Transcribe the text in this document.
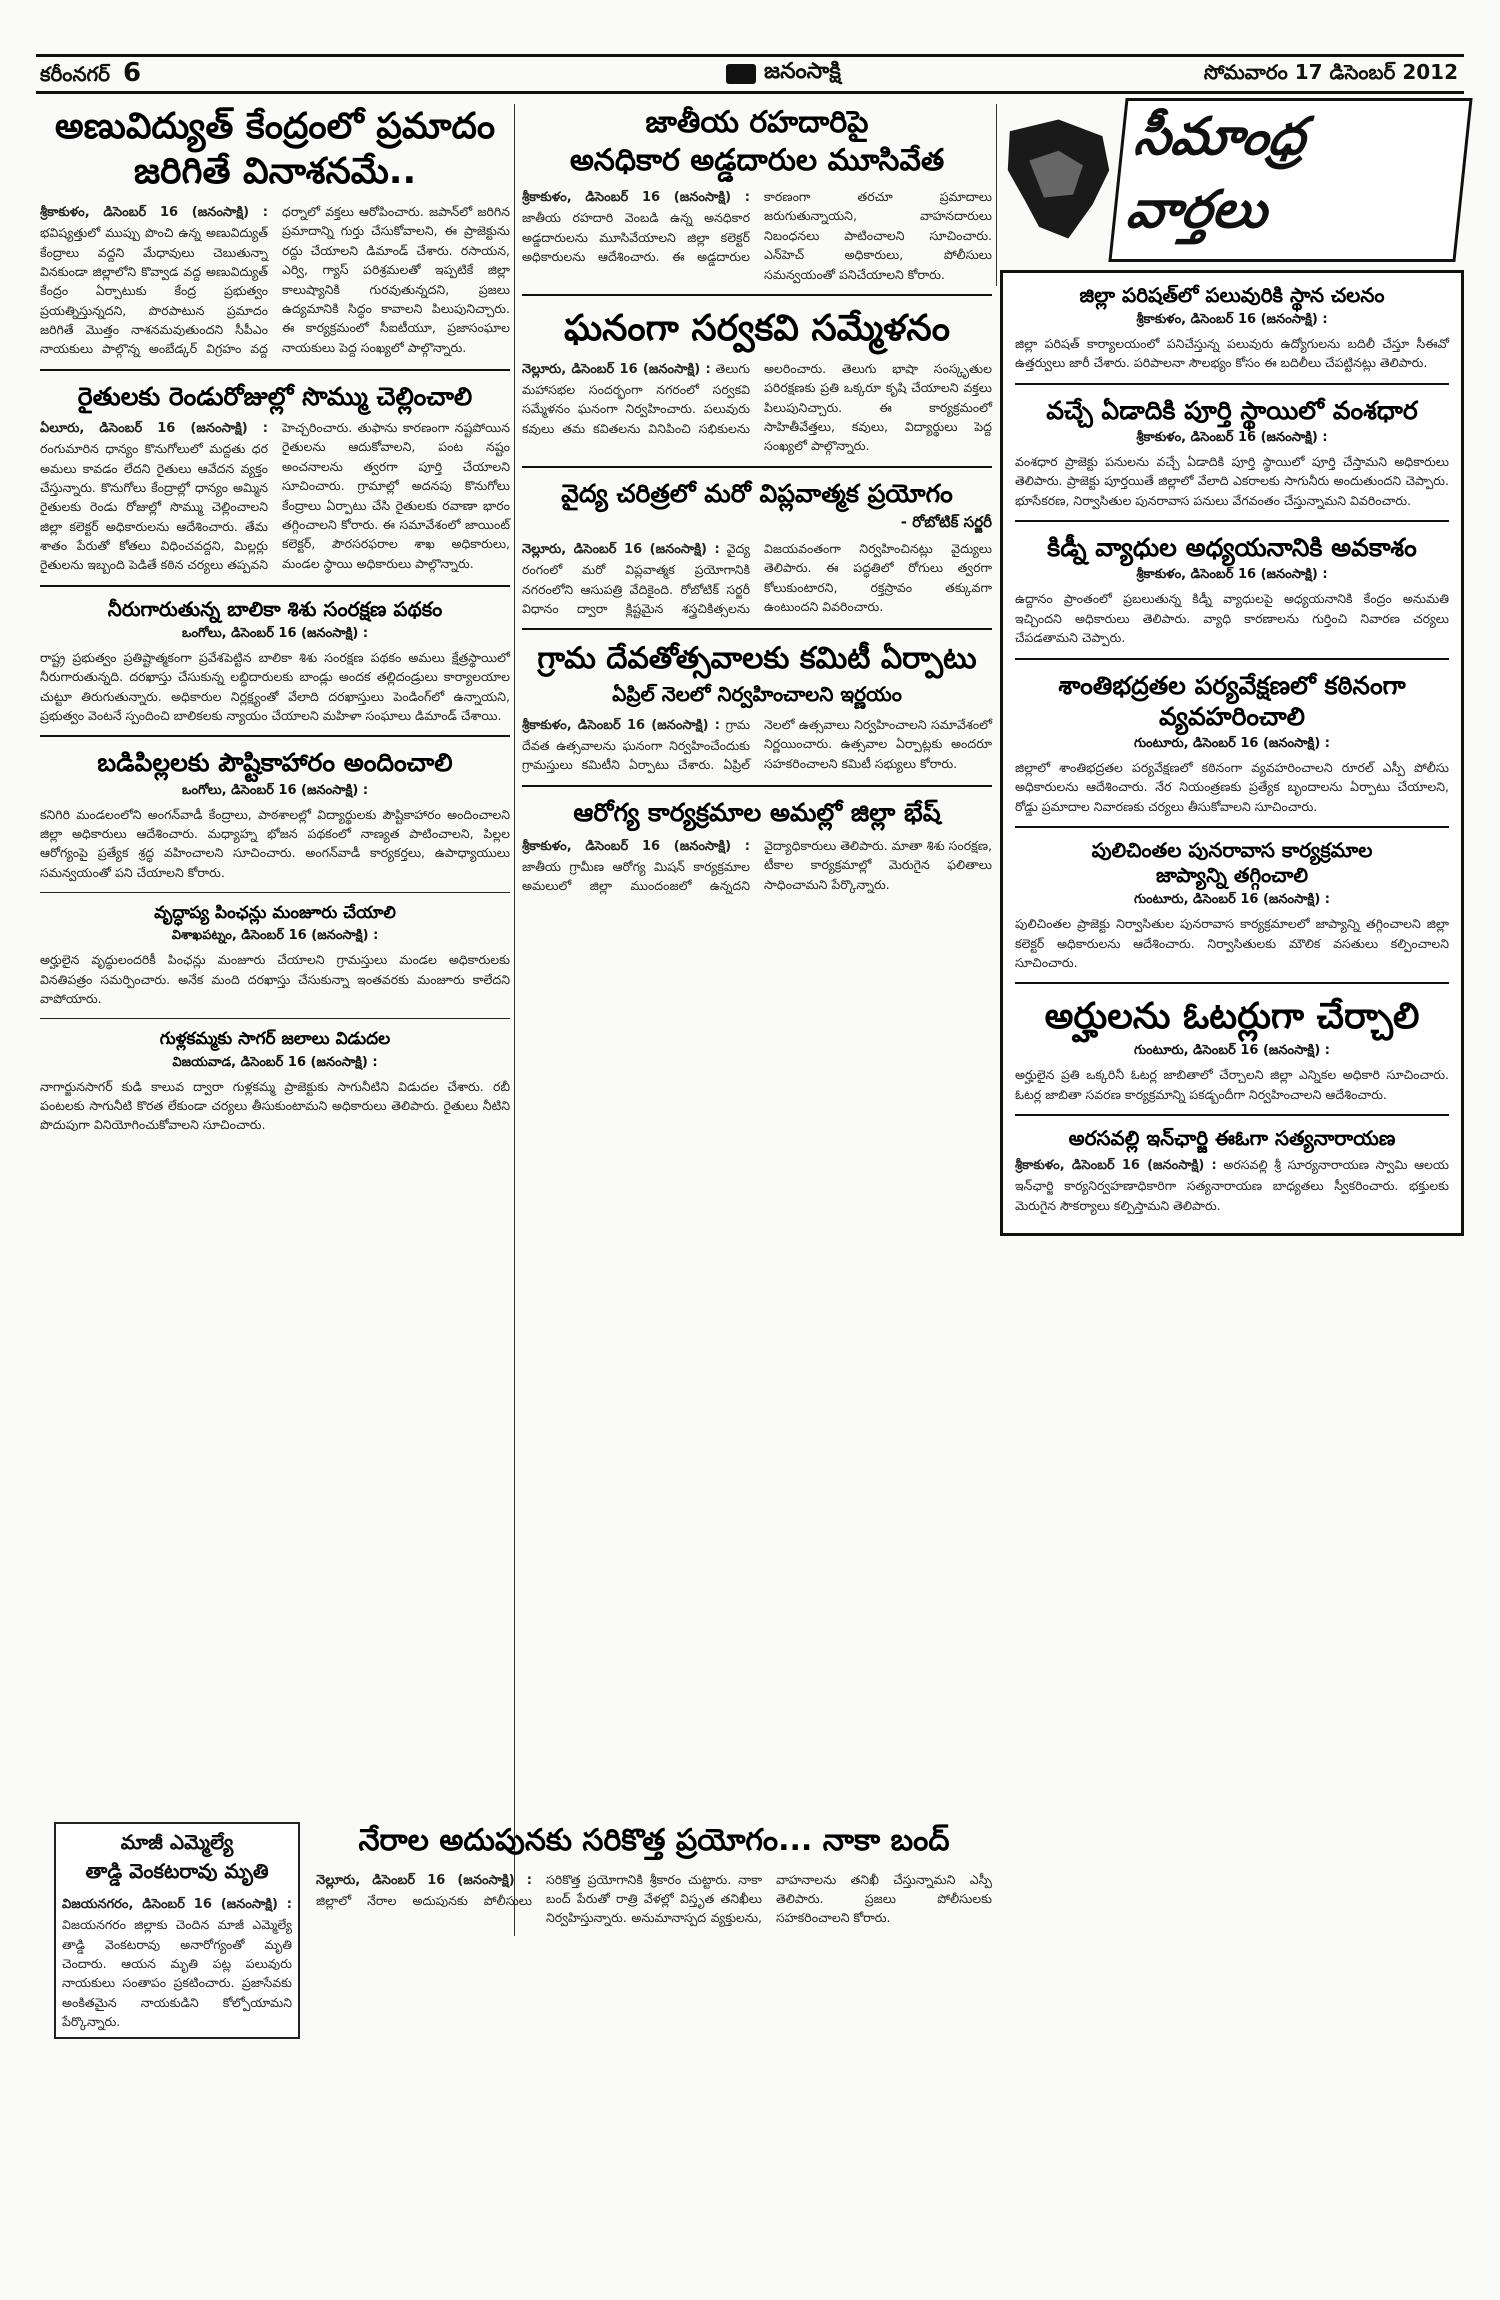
కరీంనగర్ 6	జనంసాక్షి	సోమవారం 17 డిసెంబర్ 2012
అణువిద్యుత్ కేంద్రంలో ప్రమాదం
జరిగితే వినాశనమే..
శ్రీకాకుళం, డిసెంబర్ 16 (జనంసాక్షి) : భవిష్యత్తులో ముప్పు పొంచి ఉన్న అణువిద్యుత్ కేంద్రాలు వద్దని మేధావులు చెబుతున్నా వినకుండా జిల్లాలోని కొవ్వాడ వద్ద అణువిద్యుత్ కేంద్రం ఏర్పాటుకు కేంద్ర ప్రభుత్వం ప్రయత్నిస్తున్నదని, పొరపాటున ప్రమాదం జరిగితే మొత్తం నాశనమవుతుందని సీపీఎం నాయకులు పాల్గొన్న అంబేడ్కర్ విగ్రహం వద్ద ధర్నాలో వక్తలు ఆరోపించారు. జపాన్‌లో జరిగిన ప్రమాదాన్ని గుర్తు చేసుకోవాలని, ఈ ప్రాజెక్టును రద్దు చేయాలని డిమాండ్ చేశారు. రసాయన, ఎర్వి, గ్యాస్ పరిశ్రమలతో ఇప్పటికే జిల్లా కాలుష్యానికి గురవుతున్నదని, ప్రజలు ఉద్యమానికి సిద్ధం కావాలని పిలుపునిచ్చారు. ఈ కార్యక్రమంలో సీఐటీయూ, ప్రజాసంఘాల నాయకులు పెద్ద సంఖ్యలో పాల్గొన్నారు.
రైతులకు రెండురోజుల్లో సొమ్ము చెల్లించాలి
ఏలూరు, డిసెంబర్ 16 (జనంసాక్షి) : రంగుమారిన ధాన్యం కొనుగోలులో మద్దతు ధర అమలు కావడం లేదని రైతులు ఆవేదన వ్యక్తం చేస్తున్నారు. కొనుగోలు కేంద్రాల్లో ధాన్యం అమ్మిన రైతులకు రెండు రోజుల్లో సొమ్ము చెల్లించాలని జిల్లా కలెక్టర్ అధికారులను ఆదేశించారు. తేమ శాతం పేరుతో కోతలు విధించవద్దని, మిల్లర్లు రైతులను ఇబ్బంది పెడితే కఠిన చర్యలు తప్పవని హెచ్చరించారు. తుఫాను కారణంగా నష్టపోయిన రైతులను ఆదుకోవాలని, పంట నష్టం అంచనాలను త్వరగా పూర్తి చేయాలని సూచించారు. గ్రామాల్లో అదనపు కొనుగోలు కేంద్రాలు ఏర్పాటు చేసి రైతులకు రవాణా భారం తగ్గించాలని కోరారు. ఈ సమావేశంలో జాయింట్ కలెక్టర్, పౌరసరఫరాల శాఖ అధికారులు, మండల స్థాయి అధికారులు పాల్గొన్నారు.
నీరుగారుతున్న బాలికా శిశు సంరక్షణ పథకం
ఒంగోలు, డిసెంబర్ 16 (జనంసాక్షి) :
రాష్ట్ర ప్రభుత్వం ప్రతిష్టాత్మకంగా ప్రవేశపెట్టిన బాలికా శిశు సంరక్షణ పథకం అమలు క్షేత్రస్థాయిలో నీరుగారుతున్నది. దరఖాస్తు చేసుకున్న లబ్ధిదారులకు బాండ్లు అందక తల్లిదండ్రులు కార్యాలయాల చుట్టూ తిరుగుతున్నారు. అధికారుల నిర్లక్ష్యంతో వేలాది దరఖాస్తులు పెండింగ్‌లో ఉన్నాయని, ప్రభుత్వం వెంటనే స్పందించి బాలికలకు న్యాయం చేయాలని మహిళా సంఘాలు డిమాండ్ చేశాయి.
బడిపిల్లలకు పౌష్టికాహారం అందించాలి
ఒంగోలు, డిసెంబర్ 16 (జనంసాక్షి) :
కనిగిరి మండలంలోని అంగన్‌వాడీ కేంద్రాలు, పాఠశాలల్లో విద్యార్థులకు పౌష్టికాహారం అందించాలని జిల్లా అధికారులు ఆదేశించారు. మధ్యాహ్న భోజన పథకంలో నాణ్యత పాటించాలని, పిల్లల ఆరోగ్యంపై ప్రత్యేక శ్రద్ధ వహించాలని సూచించారు. అంగన్‌వాడీ కార్యకర్తలు, ఉపాధ్యాయులు సమన్వయంతో పని చేయాలని కోరారు.
వృద్ధాప్య పింఛన్లు మంజూరు చేయాలి
విశాఖపట్నం, డిసెంబర్ 16 (జనంసాక్షి) :
అర్హులైన వృద్ధులందరికీ పింఛన్లు మంజూరు చేయాలని గ్రామస్తులు మండల అధికారులకు వినతిపత్రం సమర్పించారు. అనేక మంది దరఖాస్తు చేసుకున్నా ఇంతవరకు మంజూరు కాలేదని వాపోయారు.
గుళ్లకమ్మకు సాగర్ జలాలు విడుదల
విజయవాడ, డిసెంబర్ 16 (జనంసాక్షి) :
నాగార్జునసాగర్ కుడి కాలువ ద్వారా గుళ్లకమ్మ ప్రాజెక్టుకు సాగునీటిని విడుదల చేశారు. రబీ పంటలకు సాగునీటి కొరత లేకుండా చర్యలు తీసుకుంటామని అధికారులు తెలిపారు. రైతులు నీటిని పొదుపుగా వినియోగించుకోవాలని సూచించారు.
మాజీ ఎమ్మెల్యే
తాడ్డి వెంకటరావు మృతి
విజయనగరం, డిసెంబర్ 16 (జనంసాక్షి) : విజయనగరం జిల్లాకు చెందిన మాజీ ఎమ్మెల్యే తాడ్డి వెంకటరావు అనారోగ్యంతో మృతి చెందారు. ఆయన మృతి పట్ల పలువురు నాయకులు సంతాపం ప్రకటించారు. ప్రజాసేవకు అంకితమైన నాయకుడిని కోల్పోయామని పేర్కొన్నారు.
జాతీయ రహదారిపై
అనధికార అడ్డదారుల మూసివేత
శ్రీకాకుళం, డిసెంబర్ 16 (జనంసాక్షి) : జాతీయ రహదారి వెంబడి ఉన్న అనధికార అడ్డదారులను మూసివేయాలని జిల్లా కలెక్టర్ అధికారులను ఆదేశించారు. ఈ అడ్డదారుల కారణంగా తరచూ ప్రమాదాలు జరుగుతున్నాయని, వాహనదారులు నిబంధనలు పాటించాలని సూచించారు. ఎన్‌హెచ్ అధికారులు, పోలీసులు సమన్వయంతో పనిచేయాలని కోరారు.
ఘనంగా సర్వకవి సమ్మేళనం
నెల్లూరు, డిసెంబర్ 16 (జనంసాక్షి) : తెలుగు మహాసభల సందర్భంగా నగరంలో సర్వకవి సమ్మేళనం ఘనంగా నిర్వహించారు. పలువురు కవులు తమ కవితలను వినిపించి సభికులను అలరించారు. తెలుగు భాషా సంస్కృతుల పరిరక్షణకు ప్రతి ఒక్కరూ కృషి చేయాలని వక్తలు పిలుపునిచ్చారు. ఈ కార్యక్రమంలో సాహితీవేత్తలు, కవులు, విద్యార్థులు పెద్ద సంఖ్యలో పాల్గొన్నారు.
వైద్య చరిత్రలో మరో విప్లవాత్మక ప్రయోగం
- రోబోటిక్ సర్జరీ
నెల్లూరు, డిసెంబర్ 16 (జనంసాక్షి) : వైద్య రంగంలో మరో విప్లవాత్మక ప్రయోగానికి నగరంలోని ఆసుపత్రి వేదికైంది. రోబోటిక్ సర్జరీ విధానం ద్వారా క్లిష్టమైన శస్త్రచికిత్సలను విజయవంతంగా నిర్వహించినట్లు వైద్యులు తెలిపారు. ఈ పద్ధతిలో రోగులు త్వరగా కోలుకుంటారని, రక్తస్రావం తక్కువగా ఉంటుందని వివరించారు.
గ్రామ దేవతోత్సవాలకు కమిటీ ఏర్పాటు
ఏప్రిల్ నెలలో నిర్వహించాలని ఇర్ణయం
శ్రీకాకుళం, డిసెంబర్ 16 (జనంసాక్షి) : గ్రామ దేవత ఉత్సవాలను ఘనంగా నిర్వహించేందుకు గ్రామస్తులు కమిటీని ఏర్పాటు చేశారు. ఏప్రిల్ నెలలో ఉత్సవాలు నిర్వహించాలని సమావేశంలో నిర్ణయించారు. ఉత్సవాల ఏర్పాట్లకు అందరూ సహకరించాలని కమిటీ సభ్యులు కోరారు.
ఆరోగ్య కార్యక్రమాల అమల్లో జిల్లా భేష్
శ్రీకాకుళం, డిసెంబర్ 16 (జనంసాక్షి) : జాతీయ గ్రామీణ ఆరోగ్య మిషన్ కార్యక్రమాల అమలులో జిల్లా ముందంజలో ఉన్నదని వైద్యాధికారులు తెలిపారు. మాతా శిశు సంరక్షణ, టీకాల కార్యక్రమాల్లో మెరుగైన ఫలితాలు సాధించామని పేర్కొన్నారు.
నేరాల అదుపునకు సరికొత్త ప్రయోగం... నాకా బంద్
నెల్లూరు, డిసెంబర్ 16 (జనంసాక్షి) : జిల్లాలో నేరాల అదుపునకు పోలీసులు సరికొత్త ప్రయోగానికి శ్రీకారం చుట్టారు. నాకా బంద్ పేరుతో రాత్రి వేళల్లో విస్తృత తనిఖీలు నిర్వహిస్తున్నారు. అనుమానాస్పద వ్యక్తులను, వాహనాలను తనిఖీ చేస్తున్నామని ఎస్పీ తెలిపారు. ప్రజలు పోలీసులకు సహకరించాలని కోరారు.
సీమాంధ్ర వార్తలు
జిల్లా పరిషత్‌లో పలువురికి స్థాన చలనం
శ్రీకాకుళం, డిసెంబర్ 16 (జనంసాక్షి) :
జిల్లా పరిషత్ కార్యాలయంలో పనిచేస్తున్న పలువురు ఉద్యోగులను బదిలీ చేస్తూ సీఈవో ఉత్తర్వులు జారీ చేశారు. పరిపాలనా సౌలభ్యం కోసం ఈ బదిలీలు చేపట్టినట్లు తెలిపారు.
వచ్చే ఏడాదికి పూర్తి స్థాయిలో వంశధార
శ్రీకాకుళం, డిసెంబర్ 16 (జనంసాక్షి) :
వంశధార ప్రాజెక్టు పనులను వచ్చే ఏడాదికి పూర్తి స్థాయిలో పూర్తి చేస్తామని అధికారులు తెలిపారు. ప్రాజెక్టు పూర్తయితే జిల్లాలో వేలాది ఎకరాలకు సాగునీరు అందుతుందని చెప్పారు. భూసేకరణ, నిర్వాసితుల పునరావాస పనులు వేగవంతం చేస్తున్నామని వివరించారు.
కిడ్నీ వ్యాధుల అధ్యయనానికి అవకాశం
శ్రీకాకుళం, డిసెంబర్ 16 (జనంసాక్షి) :
ఉద్దానం ప్రాంతంలో ప్రబలుతున్న కిడ్నీ వ్యాధులపై అధ్యయనానికి కేంద్రం అనుమతి ఇచ్చిందని అధికారులు తెలిపారు. వ్యాధి కారణాలను గుర్తించి నివారణ చర్యలు చేపడతామని చెప్పారు.
శాంతిభద్రతల పర్యవేక్షణలో కఠినంగా
వ్యవహరించాలి
గుంటూరు, డిసెంబర్ 16 (జనంసాక్షి) :
జిల్లాలో శాంతిభద్రతల పర్యవేక్షణలో కఠినంగా వ్యవహరించాలని రూరల్ ఎస్పీ పోలీసు అధికారులను ఆదేశించారు. నేర నియంత్రణకు ప్రత్యేక బృందాలను ఏర్పాటు చేయాలని, రోడ్డు ప్రమాదాల నివారణకు చర్యలు తీసుకోవాలని సూచించారు.
పులిచింతల పునరావాస కార్యక్రమాల
జాప్యాన్ని తగ్గించాలి
గుంటూరు, డిసెంబర్ 16 (జనంసాక్షి) :
పులిచింతల ప్రాజెక్టు నిర్వాసితుల పునరావాస కార్యక్రమాలలో జాప్యాన్ని తగ్గించాలని జిల్లా కలెక్టర్ అధికారులను ఆదేశించారు. నిర్వాసితులకు మౌలిక వసతులు కల్పించాలని సూచించారు.
అర్హులను ఓటర్లుగా చేర్చాలి
గుంటూరు, డిసెంబర్ 16 (జనంసాక్షి) :
అర్హులైన ప్రతి ఒక్కరినీ ఓటర్ల జాబితాలో చేర్చాలని జిల్లా ఎన్నికల అధికారి సూచించారు. ఓటర్ల జాబితా సవరణ కార్యక్రమాన్ని పకడ్బందీగా నిర్వహించాలని ఆదేశించారు.
అరసవల్లి ఇన్‌ఛార్జి ఈఓగా సత్యనారాయణ
శ్రీకాకుళం, డిసెంబర్ 16 (జనంసాక్షి) : అరసవల్లి శ్రీ సూర్యనారాయణ స్వామి ఆలయ ఇన్‌ఛార్జి కార్యనిర్వహణాధికారిగా సత్యనారాయణ బాధ్యతలు స్వీకరించారు. భక్తులకు మెరుగైన సౌకర్యాలు కల్పిస్తామని తెలిపారు.
